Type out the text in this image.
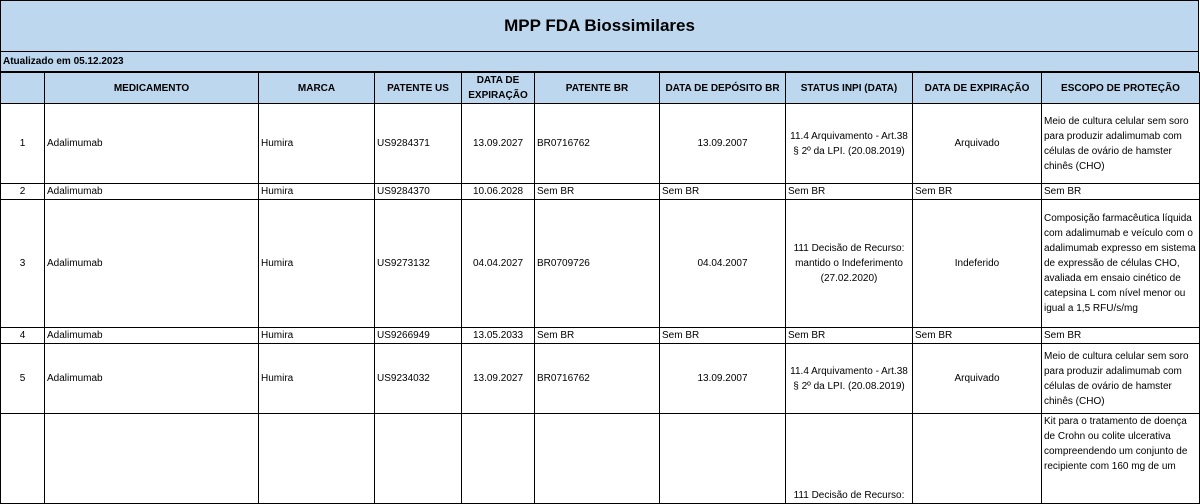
MPP FDA Biossimilares
Atualizado em 05.12.2023
	MEDICAMENTO	MARCA	PATENTE US	DATA DE EXPIRAÇÃO	PATENTE BR	DATA DE DEPÓSITO BR	STATUS INPI (DATA)	DATA DE EXPIRAÇÃO	ESCOPO DE PROTEÇÃO
1	Adalimumab	Humira	US9284371	13.09.2027	BR0716762	13.09.2007	11.4 Arquivamento - Art.38 § 2º da LPI. (20.08.2019)	Arquivado	Meio de cultura celular sem soro para produzir adalimumab com células de ovário de hamster chinês (CHO)
2	Adalimumab	Humira	US9284370	10.06.2028	Sem BR	Sem BR	Sem BR	Sem BR	Sem BR
3	Adalimumab	Humira	US9273132	04.04.2027	BR0709726	04.04.2007	111 Decisão de Recurso: mantido o Indeferimento (27.02.2020)	Indeferido	Composição farmacêutica líquida com adalimumab e veículo com o adalimumab expresso em sistema de expressão de células CHO, avaliada em ensaio cinético de catepsina L com nível menor ou igual a 1,5 RFU/s/mg
4	Adalimumab	Humira	US9266949	13.05.2033	Sem BR	Sem BR	Sem BR	Sem BR	Sem BR
5	Adalimumab	Humira	US9234032	13.09.2027	BR0716762	13.09.2007	11.4 Arquivamento - Art.38 § 2º da LPI. (20.08.2019)	Arquivado	Meio de cultura celular sem soro para produzir adalimumab com células de ovário de hamster chinês (CHO)
							111 Decisão de Recurso:		Kit para o tratamento de doença de Crohn ou colite ulcerativa compreendendo um conjunto de recipiente com 160 mg de um
